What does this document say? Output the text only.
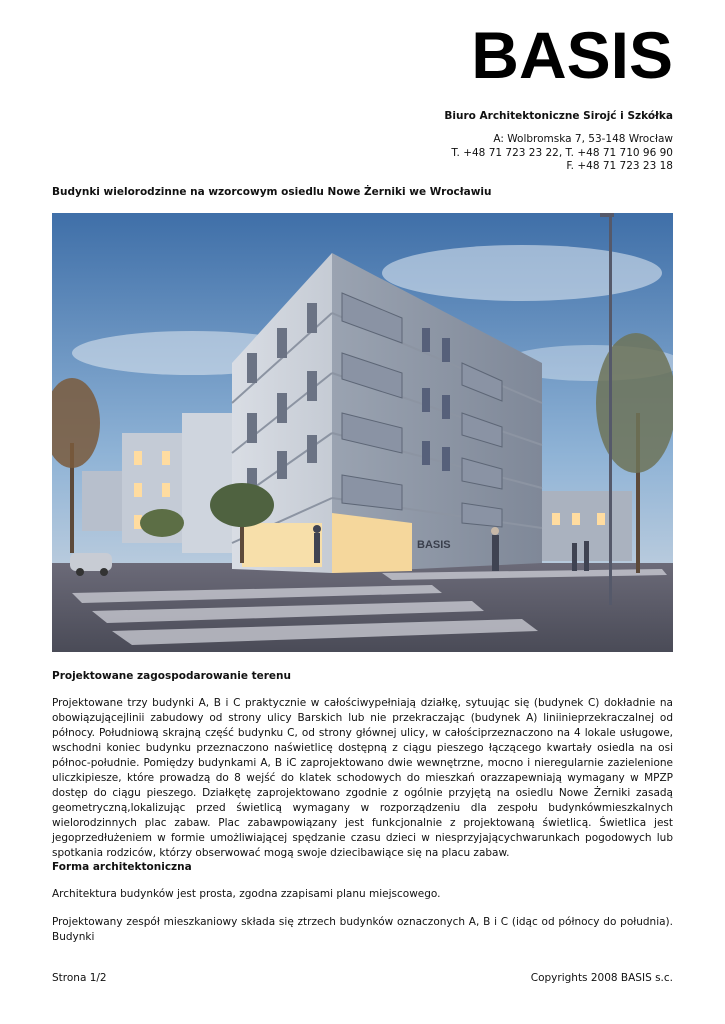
BASIS
Biuro Architektoniczne Sirojć i Szkółka
A: Wolbromska 7, 53-148 Wrocław
T. +48 71 723 23 22, T. +48 71 710 96 90
F. +48 71 723 23 18
Budynki wielorodzinne na wzorcowym osiedlu Nowe Żerniki we Wrocławiu
BASIS
Projektowane zagospodarowanie terenu

Projektowane trzy budynki A, B i C praktycznie w całościwypełniają działkę, sytuując się (budynek C) dokładnie na obowiązującejlinii zabudowy od strony ulicy Barskich lub nie przekraczając (budynek A) liniinieprzekraczalnej od północy. Południową skrajną część budynku C, od strony głównej ulicy, w całościprzeznaczono na 4 lokale usługowe, wschodni koniec budynku przeznaczono naświetlicę dostępną z ciągu pieszego łączącego kwartały osiedla na osi północ-południe. Pomiędzy budynkami A, B iC zaprojektowano dwie wewnętrzne, mocno i nieregularnie zazielenione uliczkipiesze, które prowadzą do 8 wejść do klatek schodowych do mieszkań orazzapewniają wymagany w MPZP dostęp do ciągu pieszego. Działkętę zaprojektowano zgodnie z ogólnie przyjętą na osiedlu Nowe Żerniki zasadą geometryczną,lokalizując przed świetlicą wymagany w rozporządzeniu dla zespołu budynkówmieszkalnych wielorodzinnych plac zabaw. Plac zabawpowiązany jest funkcjonalnie z projektowaną świetlicą. Świetlica jest jegoprzedłużeniem w formie umożliwiającej spędzanie czasu dzieci w niesprzyjającychwarunkach pogodowych lub spotkania rodziców, którzy obserwować mogą swoje dziecibawiące się na placu zabaw.

Forma architektoniczna

Architektura budynków jest prosta, zgodna zzapisami planu miejscowego.

Projektowany zespół mieszkaniowy składa się ztrzech budynków oznaczonych A, B i C (idąc od północy do południa). Budynki

Strona 1/2	Copyrights 2008 BASIS s.c.
